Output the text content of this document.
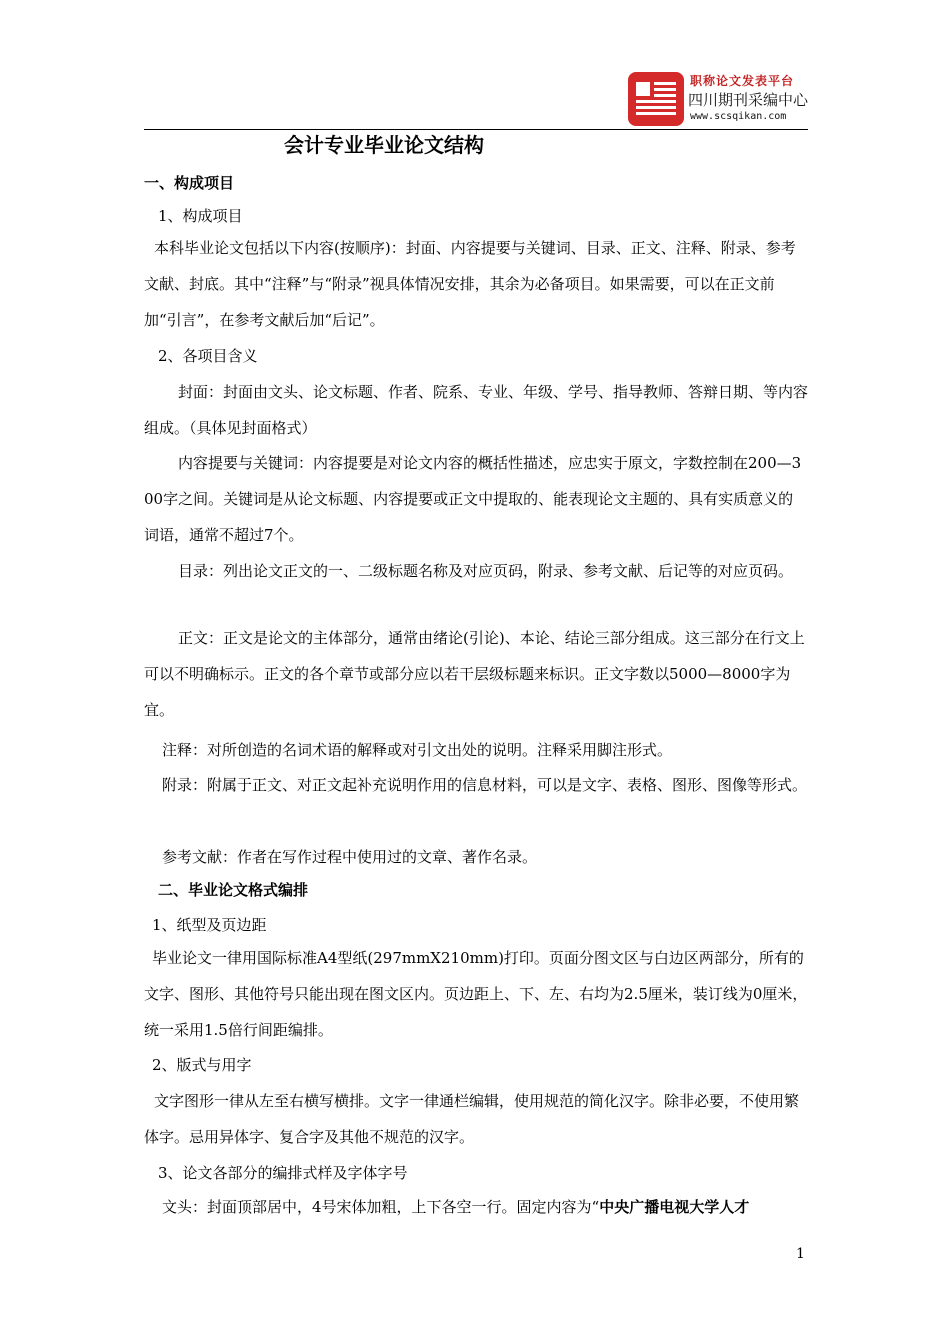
职称论文发表平台
四川期刊采编中心
www.scsqikan.com
会计专业毕业论文结构
一、构成项目
1、构成项目
本科毕业论文包括以下内容(按顺序)：封面、内容提要与关键词、目录、正文、注释、附录、参考文献、封底。其中“注释”与“附录”视具体情况安排，其余为必备项目。如果需要，可以在正文前加“引言”，在参考文献后加“后记”。
2、各项目含义
封面：封面由文头、论文标题、作者、院系、专业、年级、学号、指导教师、答辩日期、等内容组成。（具体见封面格式）
内容提要与关键词：内容提要是对论文内容的概括性描述，应忠实于原文，字数控制在200—300字之间。关键词是从论文标题、内容提要或正文中提取的、能表现论文主题的、具有实质意义的词语，通常不超过7个。
目录：列出论文正文的一、二级标题名称及对应页码，附录、参考文献、后记等的对应页码。
正文：正文是论文的主体部分，通常由绪论(引论)、本论、结论三部分组成。这三部分在行文上可以不明确标示。正文的各个章节或部分应以若干层级标题来标识。正文字数以5000—8000字为宜。
注释：对所创造的名词术语的解释或对引文出处的说明。注释采用脚注形式。
附录：附属于正文、对正文起补充说明作用的信息材料，可以是文字、表格、图形、图像等形式。
参考文献：作者在写作过程中使用过的文章、著作名录。
二、毕业论文格式编排
1、纸型及页边距
毕业论文一律用国际标准A4型纸(297mmX210mm)打印。页面分图文区与白边区两部分，所有的文字、图形、其他符号只能出现在图文区内。页边距上、下、左、右均为2.5厘米，装订线为0厘米，统一采用1.5倍行间距编排。
2、版式与用字
文字图形一律从左至右横写横排。文字一律通栏编辑，使用规范的简化汉字。除非必要，不使用繁体字。忌用异体字、复合字及其他不规范的汉字。
3、论文各部分的编排式样及字体字号
文头：封面顶部居中，4号宋体加粗，上下各空一行。固定内容为“中央广播电视大学人才
1
